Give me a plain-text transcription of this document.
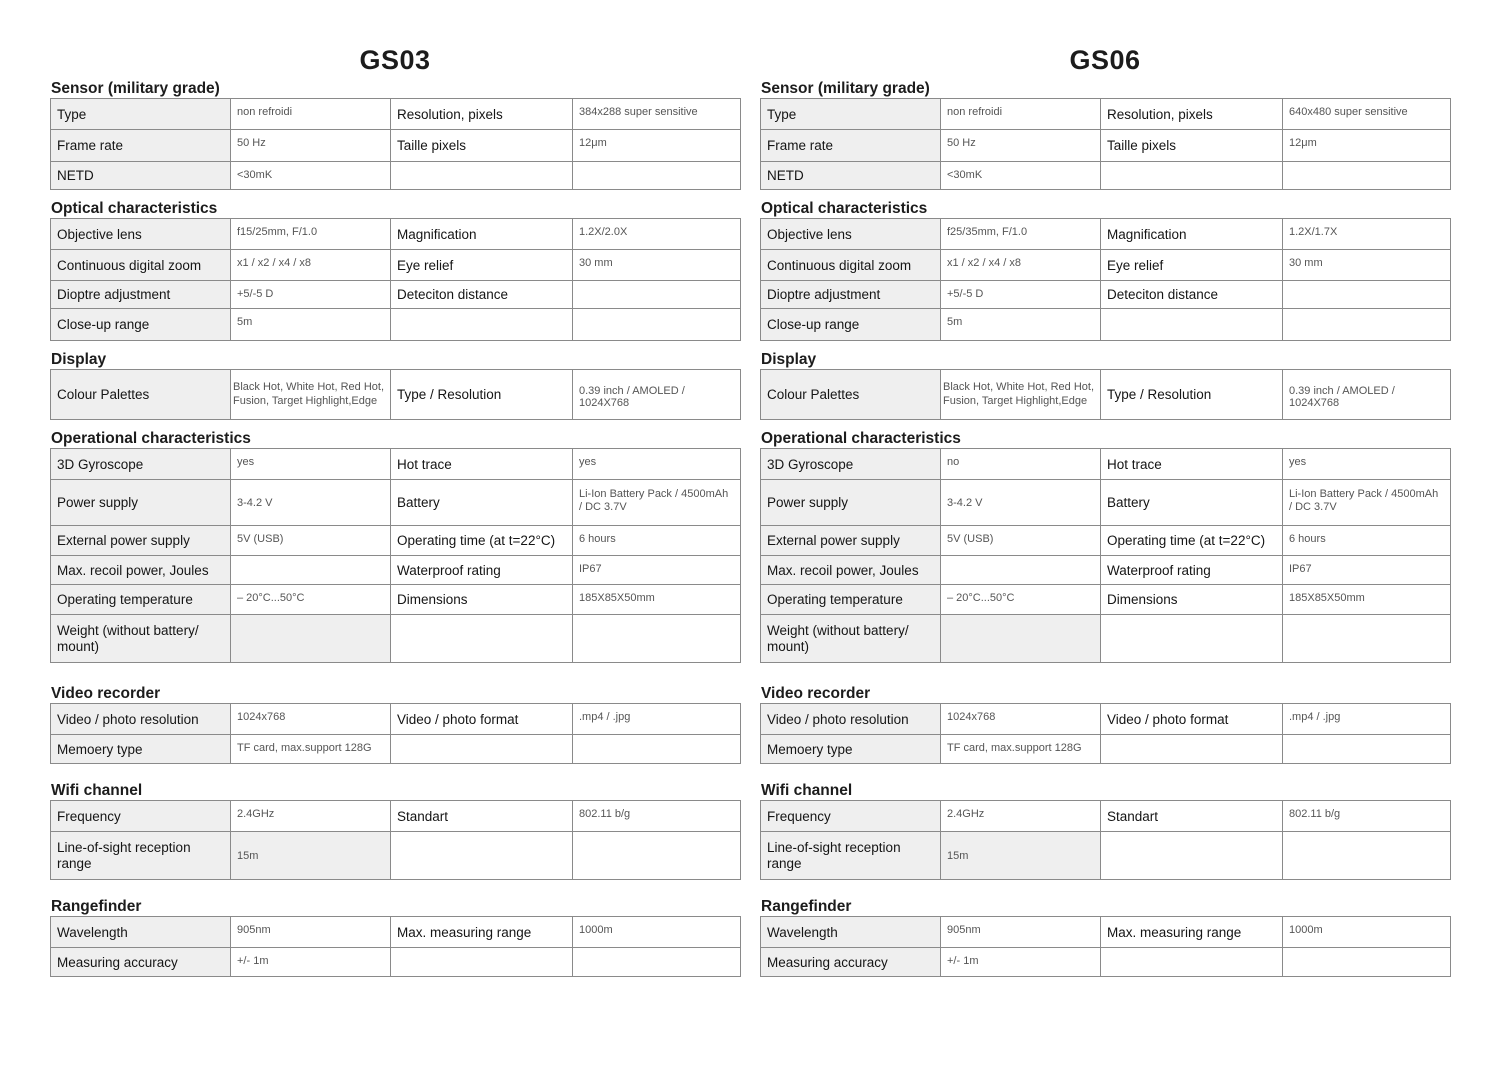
GS03
Sensor (military grade)
Type	non refroidi	Resolution, pixels	384x288 super sensitive
Frame rate	50 Hz	Taille pixels	12μm
NETD	<30mK		
Optical characteristics
Objective lens	f15/25mm, F/1.0	Magnification	1.2X/2.0X
Continuous digital zoom	x1 / x2 / x4 / x8	Eye relief	30 mm
Dioptre adjustment	+5/-5 D	Deteciton distance	
Close-up range	5m		
Display
Colour Palettes	Black Hot, White Hot, Red Hot, Fusion, Target Highlight,Edge	Type / Resolution	0.39 inch / AMOLED / 1024X768
Operational characteristics
3D Gyroscope	yes	Hot trace	yes
Power supply	3-4.2 V	Battery	Li-Ion Battery Pack / 4500mAh / DC 3.7V
External power supply	5V (USB)	Operating time (at t=22°C)	6 hours
Max. recoil power, Joules		Waterproof rating	IP67
Operating temperature	– 20°C...50°C	Dimensions	185X85X50mm
Weight (without battery/ mount)			
Video recorder
Video / photo resolution	1024x768	Video / photo format	.mp4 / .jpg
Memoery type	TF card, max.support 128G		
Wifi channel
Frequency	2.4GHz	Standart	802.11 b/g
Line-of-sight reception range	15m		
Rangefinder
Wavelength	905nm	Max. measuring range	1000m
Measuring accuracy	+/- 1m		
GS06
Sensor (military grade)
Type	non refroidi	Resolution, pixels	640x480 super sensitive
Frame rate	50 Hz	Taille pixels	12μm
NETD	<30mK		
Optical characteristics
Objective lens	f25/35mm, F/1.0	Magnification	1.2X/1.7X
Continuous digital zoom	x1 / x2 / x4 / x8	Eye relief	30 mm
Dioptre adjustment	+5/-5 D	Deteciton distance	
Close-up range	5m		
Display
Colour Palettes	Black Hot, White Hot, Red Hot, Fusion, Target Highlight,Edge	Type / Resolution	0.39 inch / AMOLED / 1024X768
Operational characteristics
3D Gyroscope	no	Hot trace	yes
Power supply	3-4.2 V	Battery	Li-Ion Battery Pack / 4500mAh / DC 3.7V
External power supply	5V (USB)	Operating time (at t=22°C)	6 hours
Max. recoil power, Joules		Waterproof rating	IP67
Operating temperature	– 20°C...50°C	Dimensions	185X85X50mm
Weight (without battery/ mount)			
Video recorder
Video / photo resolution	1024x768	Video / photo format	.mp4 / .jpg
Memoery type	TF card, max.support 128G		
Wifi channel
Frequency	2.4GHz	Standart	802.11 b/g
Line-of-sight reception range	15m		
Rangefinder
Wavelength	905nm	Max. measuring range	1000m
Measuring accuracy	+/- 1m		
